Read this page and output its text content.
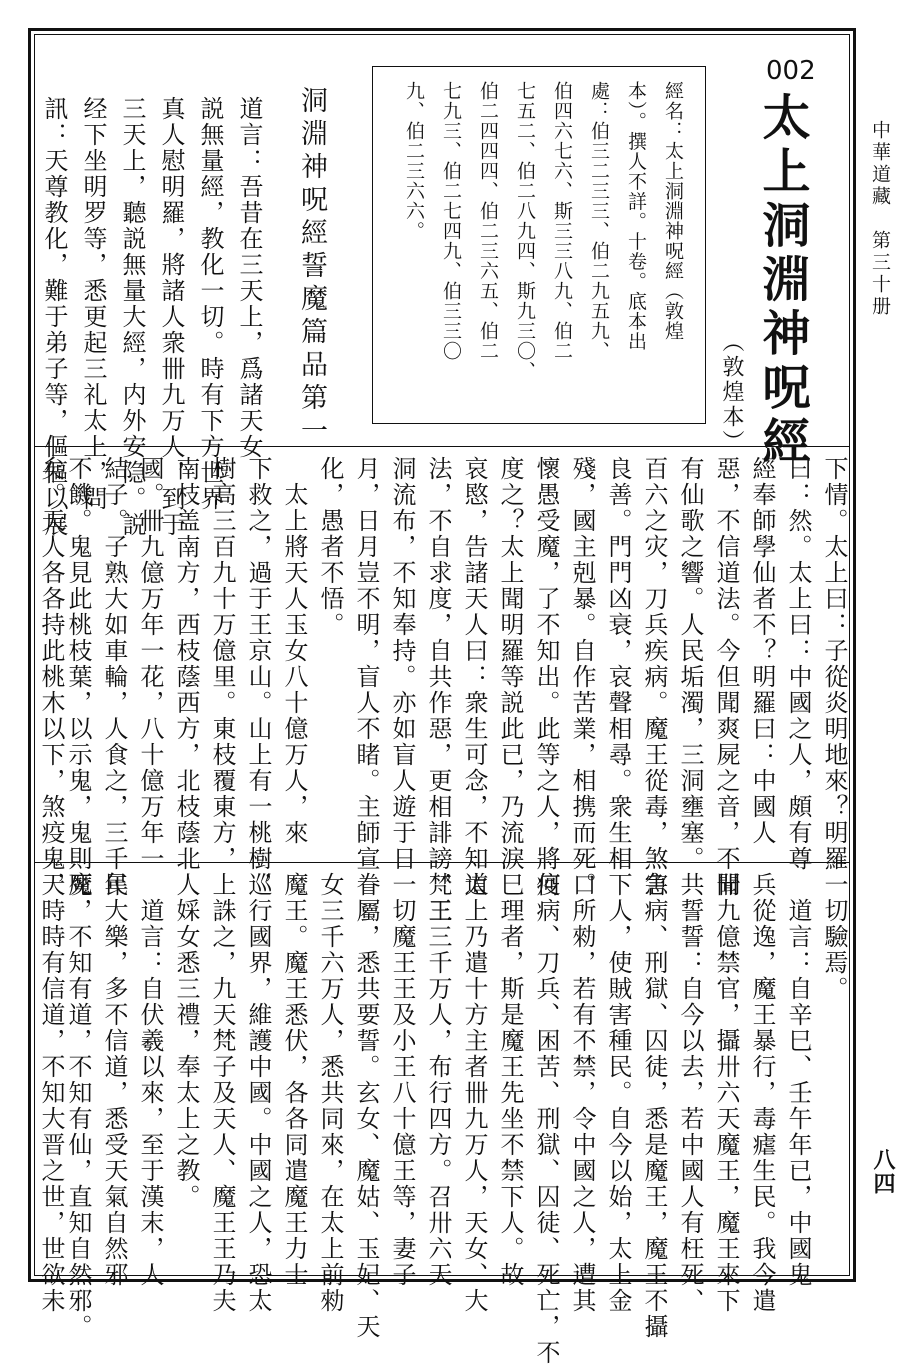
中華道藏　第三十册
八四
002
太上洞淵神呪經
（敦煌本）
經名：太上洞淵神呪經（敦煌
本）。撰人不詳。十卷。底本出
處：伯三二三三、伯二九五九、
伯四六七六、斯三三八九、伯二
七五二、伯二八九四、斯九三〇、
伯二四四四、伯二三六五、伯二
七九三、伯二七四九、伯三三〇
九、伯二三六六。
洞淵神呪經誓魔篇品第一
道言：吾昔在三天上，爲諸天女
説無量經，教化一切。時有下方世界
真人慰明羅，將諸人衆卌九万人，到于
三天上，聽説無量大經，内外安隐。説
经下坐明罗等，悉更起三礼太上，問
訊：天尊教化，難于弟子等，傴傴以展
下情。太上曰：子從炎明地來？明羅
曰：然。太上曰：中國之人，頗有尊
經奉師學仙者不？明羅曰：中國人
惡，不信道法。今但聞爽屍之音，不聞
有仙歌之響。人民垢濁，三洞壅塞。
百六之灾，刀兵疾病。魔王從毒，煞害
良善。門門凶衰，哀聲相尋。衆生相
殘，國主剋暴。自作苦業，相携而死。
懷愚受魔，了不知出。此等之人，將何
度之？太上聞明羅等説此已，乃流淚
哀愍，告諸天人曰：衆生可念，不知道
法，不自求度，自共作惡，更相誹謗，三
洞流布，不知奉持。亦如盲人遊于日
月，日月豈不明，盲人不睹。主師宣
化，愚者不悟。
　太上將天人玉女八十億万人，來
下救之，過于王京山。山上有一桃樹，
樹高三百九十万億里。東枝覆東方，
南枝盖南方，西枝蔭西方，北枝蔭北
國。卌九億万年一花，八十億万年一
結子。子熟大如車輪，人食之，三千年
不饑。鬼見此桃枝葉，以示鬼，鬼則死
矣。天人各各持此桃木以下，煞疫鬼，
一切驗焉。
　道言：自辛巳、壬午年已，中國鬼
兵從逸，魔王暴行，毒瘧生民。我今遣
卌九億禁官，攝卅六天魔王，魔王來下
共誓誓：自今以去，若中國人有枉死、
急病、刑獄、囚徒，悉是魔王，魔王不攝
下人，使賊害種民。自今以始，太上金
口所勑，若有不禁，令中國之人，遭其
疫病、刀兵、困苦、刑獄、囚徒、死亡，不
巳理者，斯是魔王先坐不禁下人。故
太上乃遣十方主者卌九万人，天女、大
梵王三千万人，布行四方。召卅六天
一切魔王王及小王八十億王等，妻子
眷屬，悉共要誓。玄女、魔姑、玉妃、天
女三千六万人，悉共同來，在太上前勑
魔王。魔王悉伏，各各同遣魔王力士
巡行國界，維護中國。中國之人，恐太
上誅之，九天梵子及天人、魔王王乃夫
人婇女悉三禮，奉太上之教。
　道言：自伏羲以來，至于漢末，人
民大樂，多不信道，悉受天氣自然邪
魔，不知有道，不知有仙，直知自然邪。
天時時有信道，不知大晋之世，世欲未
